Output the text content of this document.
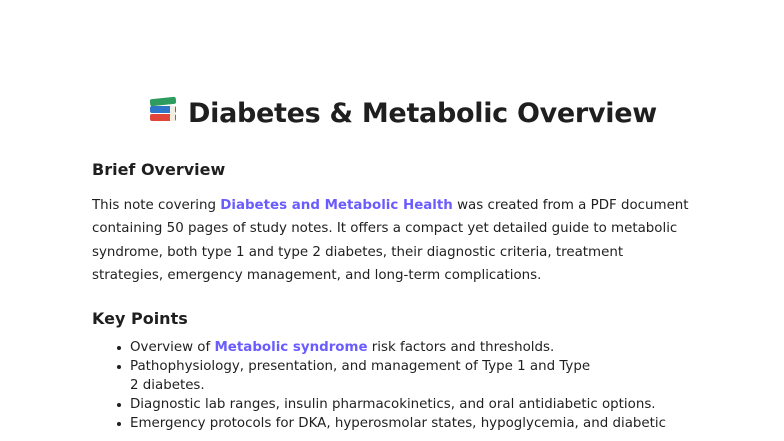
Diabetes & Metabolic Overview
Brief Overview

This note covering Diabetes and Metabolic Health was created from a PDF document containing 50 pages of study notes. It offers a compact yet detailed guide to metabolic syndrome, both type 1 and type 2 diabetes, their diagnostic criteria, treatment strategies, emergency management, and long-term complications.

Key Points
Overview of Metabolic syndrome risk factors and thresholds.
Pathophysiology, presentation, and management of Type 1 and Type 2 diabetes.
Diagnostic lab ranges, insulin pharmacokinetics, and oral antidiabetic options.
Emergency protocols for DKA, hyperosmolar states, hypoglycemia, and diabetic
